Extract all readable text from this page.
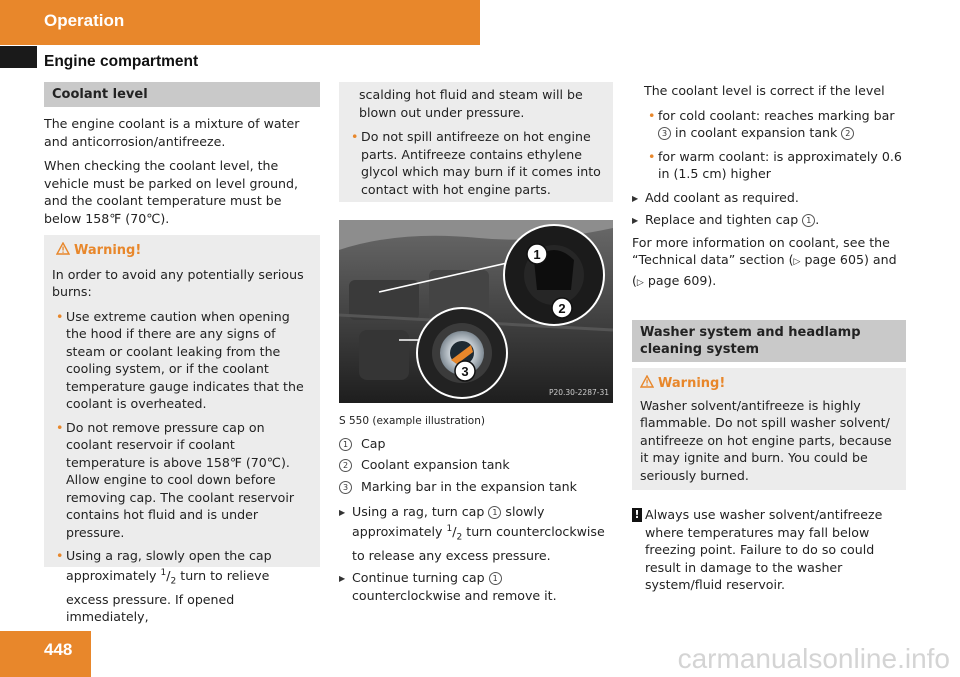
Operation
Engine compartment
Coolant level

The engine coolant is a mixture of water and anticorrosion/antifreeze.

When checking the coolant level, the vehicle must be parked on level ground, and the coolant temperature must be below 158℉ (70℃).

Warning!

In order to avoid any potentially serious burns:

• Use extreme caution when opening the hood if there are any signs of steam or coolant leaking from the cooling system, or if the coolant temperature gauge indicates that the coolant is overheated.
• Do not remove pressure cap on coolant reservoir if coolant temperature is above 158℉ (70℃). Allow engine to cool down before removing cap. The coolant reservoir contains hot fluid and is under pressure.
• Using a rag, slowly open the cap approximately $^1/_2$ turn to relieve excess pressure. If opened immediately,

scalding hot fluid and steam will be blown out under pressure.

• Do not spill antifreeze on hot engine parts. Antifreeze contains ethylene glycol which may burn if it comes into contact with hot engine parts.
1
2
3
P20.30-2287-31
S 550 (example illustration)
1	Cap
2	Coolant expansion tank
3	Marking bar in the expansion tank
▶ Using a rag, turn cap 1 slowly approximately $^1/_2$ turn counterclockwise to release any excess pressure.
▶ Continue turning cap 1 counterclockwise and remove it.

The coolant level is correct if the level

• for cold coolant: reaches marking bar 3 in coolant expansion tank 2
• for warm coolant: is approximately 0.6 in (1.5 cm) higher
▶ Add coolant as required.
▶ Replace and tighten cap 1 .

For more information on coolant, see the “Technical data” section (▷ page 605) and (▷ page 609).

Washer system and headlamp cleaning system
Warning!
Washer solvent/antifreeze is highly flammable. Do not spill washer solvent/ antifreeze on hot engine parts, because it may ignite and burn. You could be seriously burned.
! Always use washer solvent/antifreeze where temperatures may fall below freezing point. Failure to do so could result in damage to the washer system/fluid reservoir.
448	carmanualsonline.info
